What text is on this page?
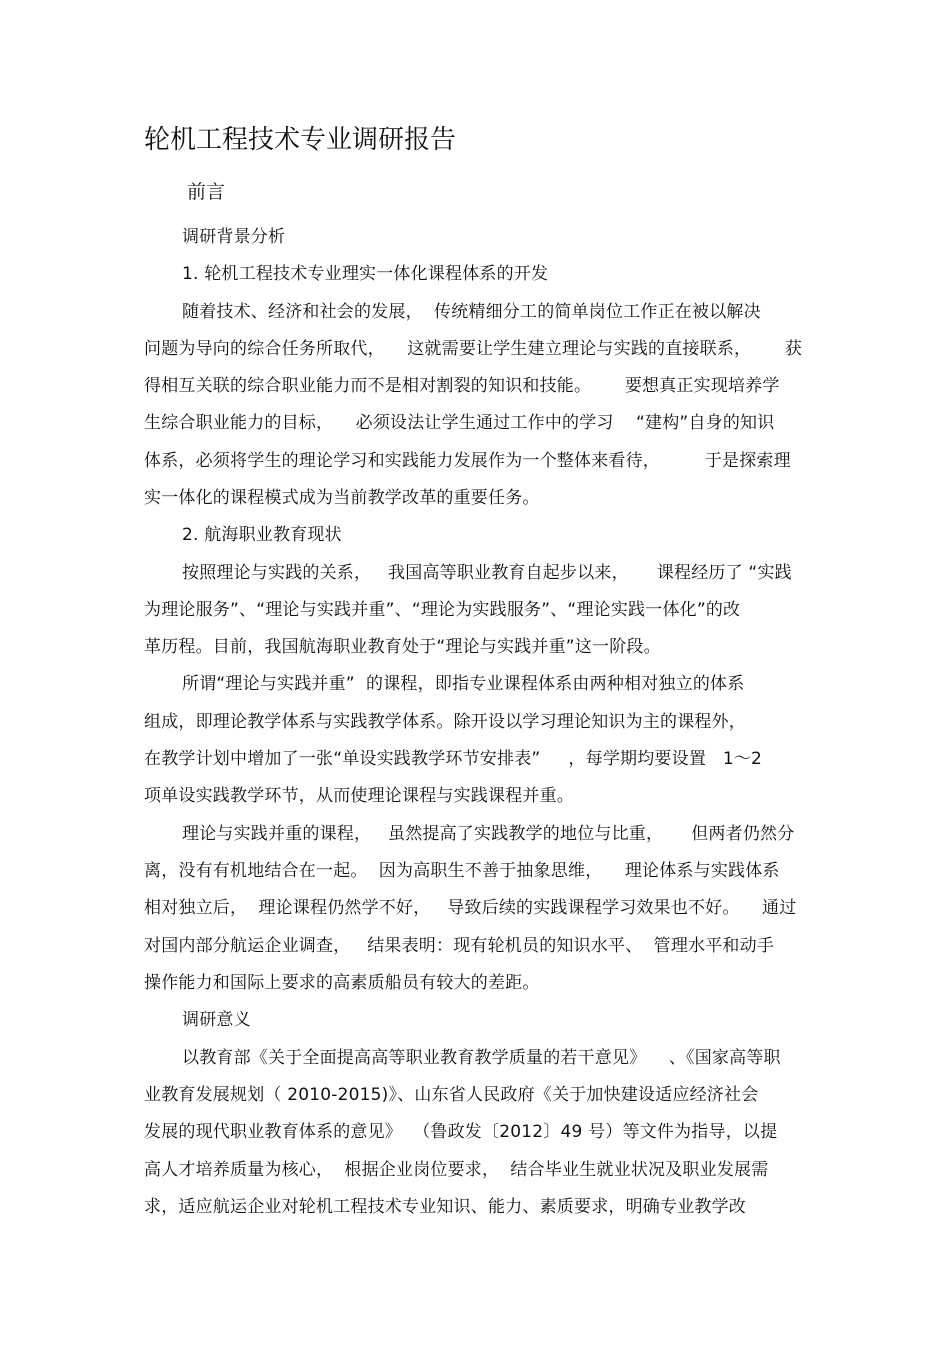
轮机工程技术专业调研报告
前言
调研背景分析
1. 轮机工程技术专业理实一体化课程体系的开发
随着技术、经济和社会的发展，  传统精细分工的简单岗位工作正在被以解决
问题为导向的综合任务所取代，    这就需要让学生建立理论与实践的直接联系，      获
得相互关联的综合职业能力而不是相对割裂的知识和技能。      要想真正实现培养学
生综合职业能力的目标，    必须设法让学生通过工作中的学习    “建构”自身的知识
体系，必须将学生的理论学习和实践能力发展作为一个整体来看待，        于是探索理
实一体化的课程模式成为当前教学改革的重要任务。
2. 航海职业教育现状
按照理论与实践的关系，   我国高等职业教育自起步以来，     课程经历了 “实践
为理论服务”、“理论与实践并重”、“理论为实践服务”、“理论实践一体化”的改
革历程。目前，我国航海职业教育处于“理论与实践并重”这一阶段。
所谓“理论与实践并重”  的课程，即指专业课程体系由两种相对独立的体系
组成，即理论教学体系与实践教学体系。除开设以学习理论知识为主的课程外，
在教学计划中增加了一张“单设实践教学环节安排表”     ，每学期均要设置   1～2
项单设实践教学环节，从而使理论课程与实践课程并重。
理论与实践并重的课程，   虽然提高了实践教学的地位与比重，     但两者仍然分
离，没有有机地结合在一起。  因为高职生不善于抽象思维，    理论体系与实践体系
相对独立后，  理论课程仍然学不好，   导致后续的实践课程学习效果也不好。    通过
对国内部分航运企业调查，   结果表明：现有轮机员的知识水平、  管理水平和动手
操作能力和国际上要求的高素质船员有较大的差距。
调研意义
以教育部《关于全面提高高等职业教育教学质量的若干意见》    、《国家高等职
业教育发展规划（ 2010-2015)》、山东省人民政府《关于加快建设适应经济社会
发展的现代职业教育体系的意见》  （鲁政发〔2012〕49 号）等文件为指导，以提
高人才培养质量为核心，  根据企业岗位要求，  结合毕业生就业状况及职业发展需
求，适应航运企业对轮机工程技术专业知识、能力、素质要求，明确专业教学改
